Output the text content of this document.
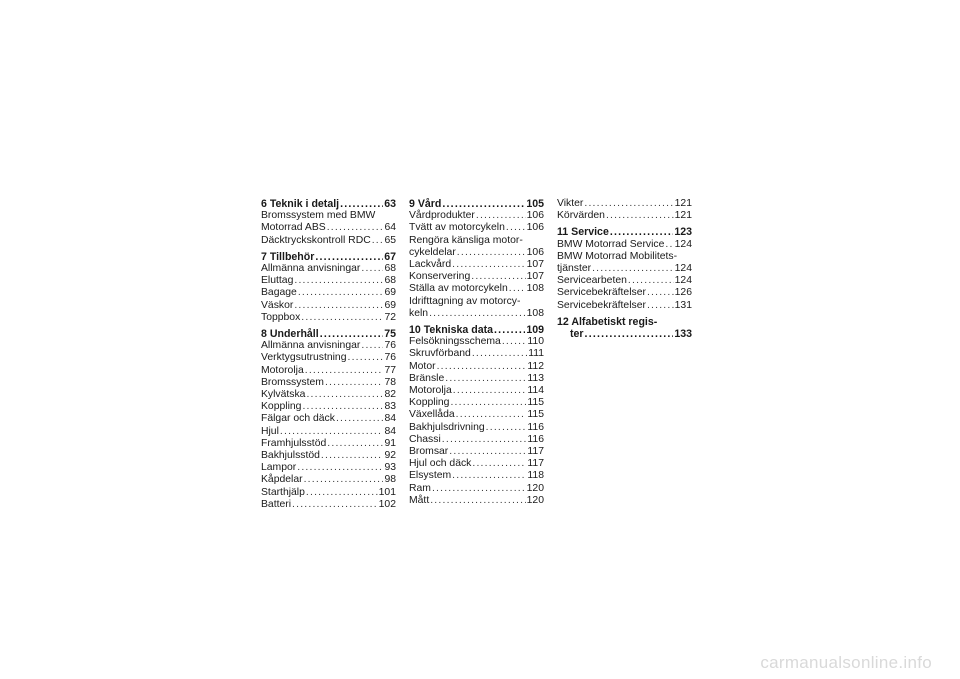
6 Teknik i detalj .....	63
Bromssystem med BMW
Motorrad ABS .....	64
Däcktryckskontroll RDC ..... 65
7 Tillbehör .....	67
Allmänna anvisningar ..... 68
Eluttag .....	68
Bagage .....	69
Väskor .....	69
Toppbox .....	72
8 Underhåll .....	75
Allmänna anvisningar ..... 76
Verktygsutrustning .....	76
Motorolja .....	77
Bromssystem .....	78
Kylvätska .....	82
Koppling .....	83
Fälgar och däck .....	84
Hjul .....	84
Framhjulsstöd .....	91
Bakhjulsstöd .....	92
Lampor .....	93
Kåpdelar .....	98
Starthjälp .....	101
Batteri .....	102
9 Vård .....	105
Vårdprodukter .....	106
Tvätt av motorcykeln ..... 106
Rengöra känsliga motor-
cykeldelar .....	106
Lackvård .....	107
Konservering .....	107
Ställa av motorcykeln ..... 108
Idrifttagning av motorcy-
keln .....	108
10 Tekniska data .....	109
Felsökningsschema .....	110
Skruvförband .....	111
Motor .....	112
Bränsle .....	113
Motorolja .....	114
Koppling .....	115
Växellåda .....	115
Bakhjulsdrivning .....	116
Chassi .....	116
Bromsar .....	117
Hjul och däck .....	117
Elsystem .....	118
Ram .....	120
Mått .....	120
Vikter .....	121
Körvärden .....	121
11 Service .....	123
BMW Motorrad Service ..... 124
BMW Motorrad Mobilitets-
tjänster .....	124
Servicearbeten .....	124
Servicebekräftelser .....	126
Servicebekräftelser .....	131
12 Alfabetiskt regis-
ter .....	133
carmanualsonline.info
